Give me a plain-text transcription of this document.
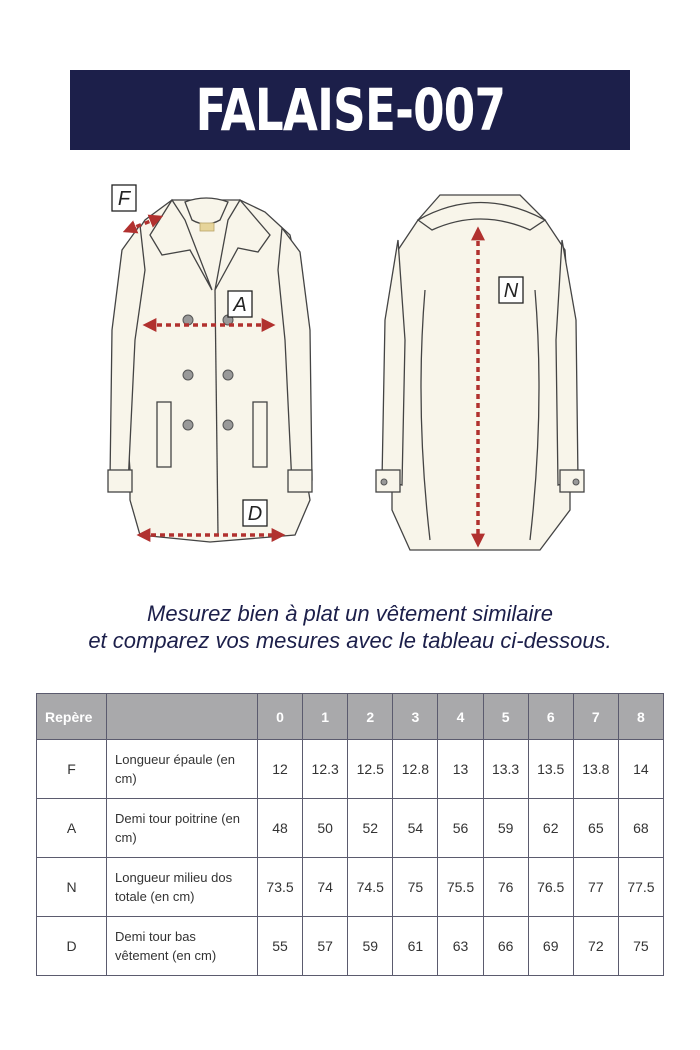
FALAISE-007
F
A
D
N
Mesurez bien à plat un vêtement similaire
et comparez vos mesures avec le tableau ci-dessous.
Repère		0	1	2	3	4	5	6	7	8
F	Longueur épaule (en cm)	12	12.3	12.5	12.8	13	13.3	13.5	13.8	14
A	Demi tour poitrine (en cm)	48	50	52	54	56	59	62	65	68
N	Longueur milieu dos totale (en cm)	73.5	74	74.5	75	75.5	76	76.5	77	77.5
D	Demi tour bas vêtement (en cm)	55	57	59	61	63	66	69	72	75
